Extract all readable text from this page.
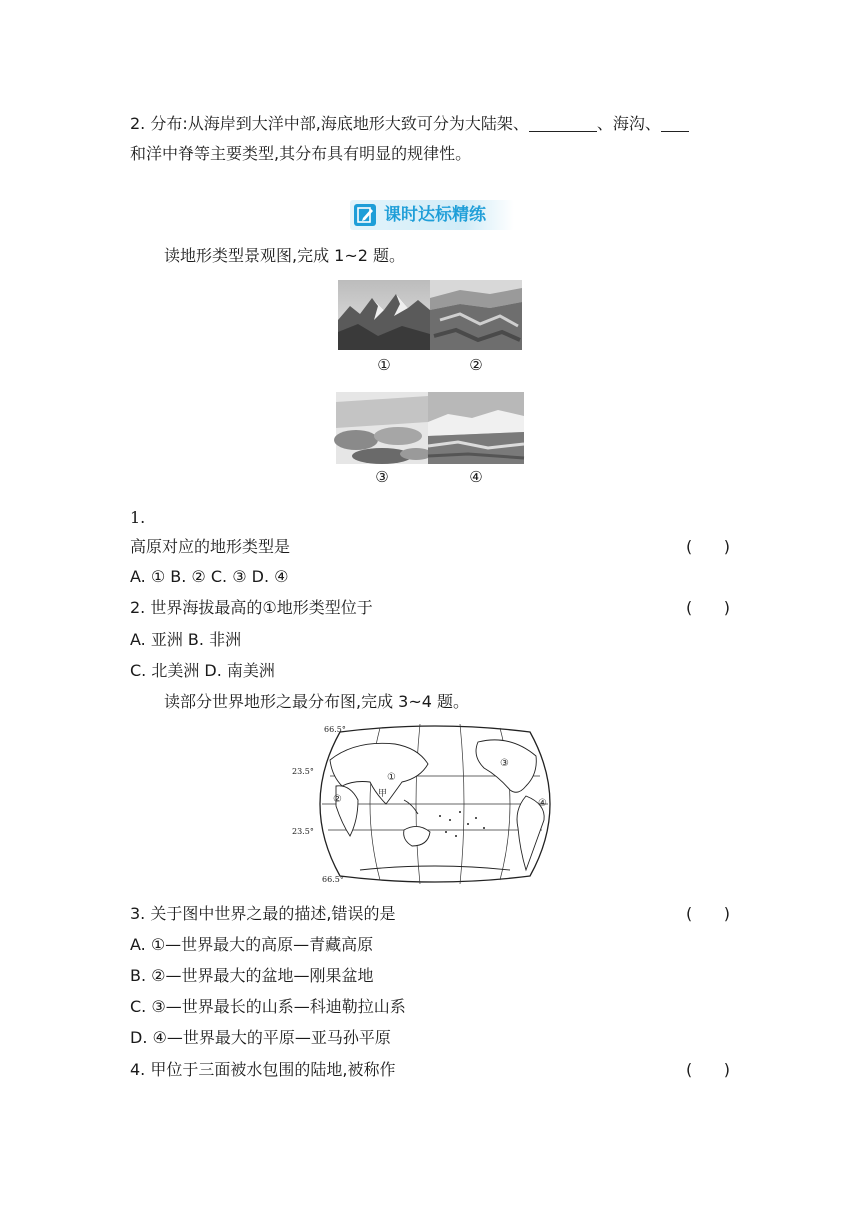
2. 分布:从海岸到大洋中部,海底地形大致可分为大陆架、	、海沟、
和洋中脊等主要类型,其分布具有明显的规律性。
课时达标精练
读地形类型景观图,完成 1~2 题。
①	②
③	④
1.
高原对应的地形类型是	( )
A. ① B. ② C. ③ D. ④
2. 世界海拔最高的①地形类型位于	( )
A. 亚洲 B. 非洲
C. 北美洲 D. 南美洲
读部分世界地形之最分布图,完成 3~4 题。
66.5°
23.5°
23.5°
66.5°
①
②
③
④
甲
3. 关于图中世界之最的描述,错误的是	( )
A. ①—世界最大的高原—青藏高原
B. ②—世界最大的盆地—刚果盆地
C. ③—世界最长的山系—科迪勒拉山系
D. ④—世界最大的平原—亚马孙平原
4. 甲位于三面被水包围的陆地,被称作	( )
